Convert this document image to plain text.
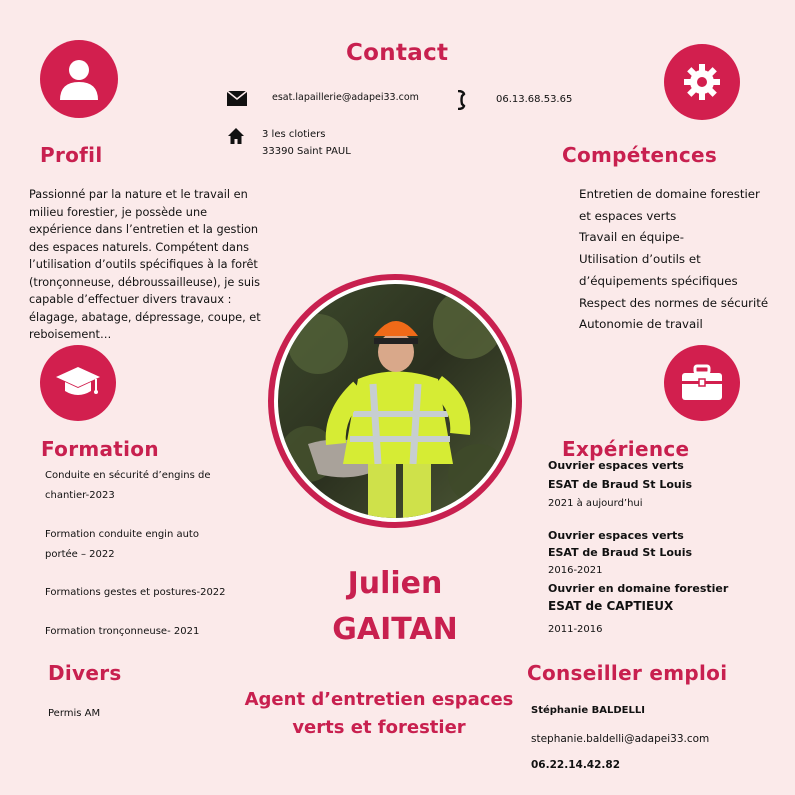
Contact
esat.lapaillerie@adapei33.com	06.13.68.53.65
3 les clotiers
33390 Saint PAUL
Profil
Passionné par la nature et le travail en milieu forestier, je possède une expérience dans l’entretien et la gestion des espaces naturels. Compétent dans l’utilisation d’outils spécifiques à la forêt (tronçonneuse, débroussailleuse), je suis capable d’effectuer divers travaux : élagage, abatage, dépressage, coupe, et reboisement…
Compétences
Entretien de domaine forestier
et espaces verts
Travail en équipe-
Utilisation d’outils et
d’équipements spécifiques
Respect des normes de sécurité
Autonomie de travail
Formation
Conduite en sécurité d’engins de
chantier-2023
Formation conduite engin auto
portée – 2022
Formations gestes et postures-2022
Formation tronçonneuse- 2021
Expérience
Ouvrier espaces verts
ESAT de Braud St Louis
2021 à aujourd’hui
Ouvrier espaces verts
ESAT de Braud St Louis
2016-2021
Ouvrier en domaine forestier
ESAT de CAPTIEUX
2011-2016
Julien
GAITAN
Agent d’entretien espaces
verts et forestier
Divers
Permis AM
Conseiller emploi
Stéphanie BALDELLI
stephanie.baldelli@adapei33.com
06.22.14.42.82
